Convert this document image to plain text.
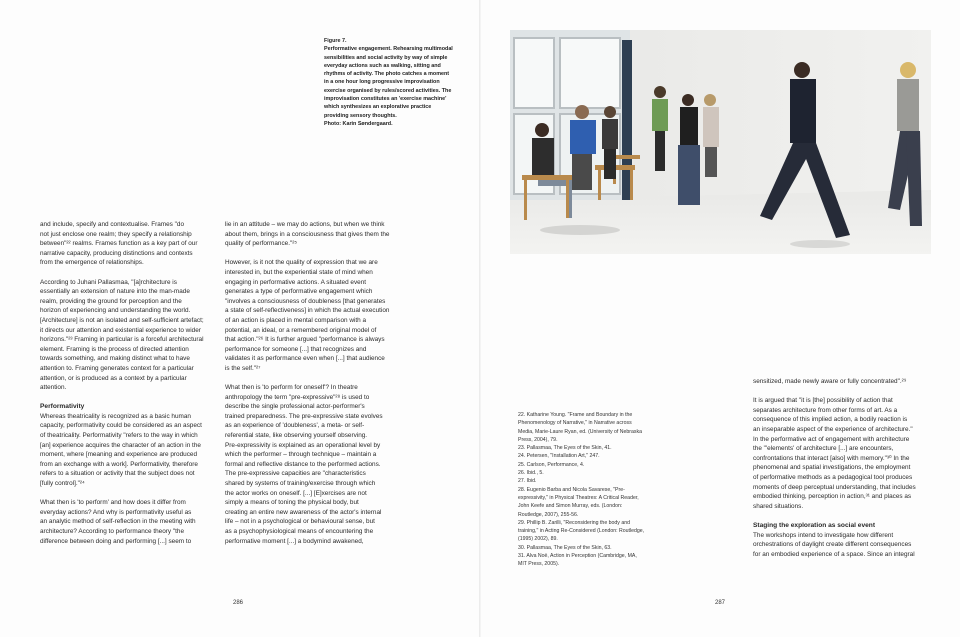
Figure 7.

Performative engagement. Rehearsing multimodal
sensibilities and social activity by way of simple
everyday actions such as walking, sitting and
rhythms of activity. The photo catches a moment
in a one hour long progressive improvisation
exercise organised by rules/scored activities. The
improvisation constitutes an 'exercise machine'
which synthesizes an explorative practice
providing sensory thoughts.
Photo: Karin Søndergaard.

and include, specify and contextualise. Frames "do
not just enclose one realm; they specify a relationship
between"²² realms. Frames function as a key part of our
narrative capacity, producing distinctions and contexts
from the emergence of relationships.

According to Juhani Pallasmaa, "[a]rchitecture is
essentially an extension of nature into the man-made
realm, providing the ground for perception and the
horizon of experiencing and understanding the world.
[Architecture] is not an isolated and self-sufficient artefact;
it directs our attention and existential experience to wider
horizons."²³ Framing in particular is a forceful architectural
element. Framing is the process of directed attention
towards something, and making distinct what to have
attention to. Framing generates context for a particular
attention, or is produced as a context by a particular
attention.

Performativity

Whereas theatricality is recognized as a basic human
capacity, performativity could be considered as an aspect
of theatricality. Performativity "refers to the way in which
[an] experience acquires the character of an action in the
moment, where [meaning and experience are produced
from an exchange with a work]. Performativity, therefore
refers to a situation or activity that the subject does not
[fully control]."²⁴

What then is 'to perform' and how does it differ from
everyday actions? And why is performativity useful as
an analytic method of self-reflection in the meeting with
architecture? According to performance theory "the
difference between doing and performing [...] seem to

lie in an attitude – we may do actions, but when we think
about them, brings in a consciousness that gives them the
quality of performance."²⁵

However, is it not the quality of expression that we are
interested in, but the experiential state of mind when
engaging in performative actions. A situated event
generates a type of performative engagement which
"involves a consciousness of doubleness [that generates
a state of self-reflectiveness] in which the actual execution
of an action is placed in mental comparison with a
potential, an ideal, or a remembered original model of
that action."²⁶ It is further argued "performance is always
performance for someone [...] that recognizes and
validates it as performance even when [...] that audience
is the self."²⁷

What then is 'to perform for oneself'? In theatre
anthropology the term "pre-expressive"²⁸ is used to
describe the single professional actor-performer's
trained preparedness. The pre-expressive state evolves
as an experience of 'doubleness', a meta- or self-
referential state, like observing yourself observing.
Pre-expressivity is explained as an operational level by
which the performer – through technique – maintain a
formal and reflective distance to the performed actions.
The pre-expressive capacities are "characteristics
shared by systems of training/exercise through which
the actor works on oneself. [...] [E]xercises are not
simply a means of toning the physical body, but
creating an entire new awareness of the actor's internal
life – not in a psychological or behavioural sense, but
as a psychophysiological means of encountering the
performative moment [...] a bodymind awakened,

286
22. Katharine Young. "Frame and Boundary in the
Phenomenology of Narrative," in Narrative across
Media, Marie-Laure Ryan, ed. (University of Nebraska
Press, 2004), 79.
23. Pallasmaa, The Eyes of the Skin, 41.
24. Petersen, "Installation Art," 247.
25. Carlson, Performance, 4.
26. Ibid., 5.
27. Ibid.
28. Eugenio Barba and Nicola Savarese, "Pre-
expressivity," in Physical Theatres: A Critical Reader,
John Keefe and Simon Murray, eds. (London:
Routledge, 2007), 255-56.
29. Phillip B. Zarilli, "Reconsidering the body and
training," in Acting Re-Considered (London: Routledge,
(1995) 2002), 89.
30. Pallasmaa, The Eyes of the Skin, 63.
31. Alva Noë, Action in Perception (Cambridge, MA,
MIT Press, 2005).

sensitized, made newly aware or fully concentrated".²⁹

It is argued that "it is [the] possibility of action that
separates architecture from other forms of art. As a
consequence of this implied action, a bodily reaction is
an inseparable aspect of the experience of architecture."
In the performative act of engagement with architecture
the "'elements' of architecture [...] are encounters,
confrontations that interact [also] with memory."³⁰ In the
phenomenal and spatial investigations, the employment
of performative methods as a pedagogical tool produces
moments of deep perceptual understanding, that includes
embodied thinking, perception in action,³¹ and places as
shared situations.

Staging the exploration as social event

The workshops intend to investigate how different
orchestrations of daylight create different consequences
for an embodied experience of a space. Since an integral

287
